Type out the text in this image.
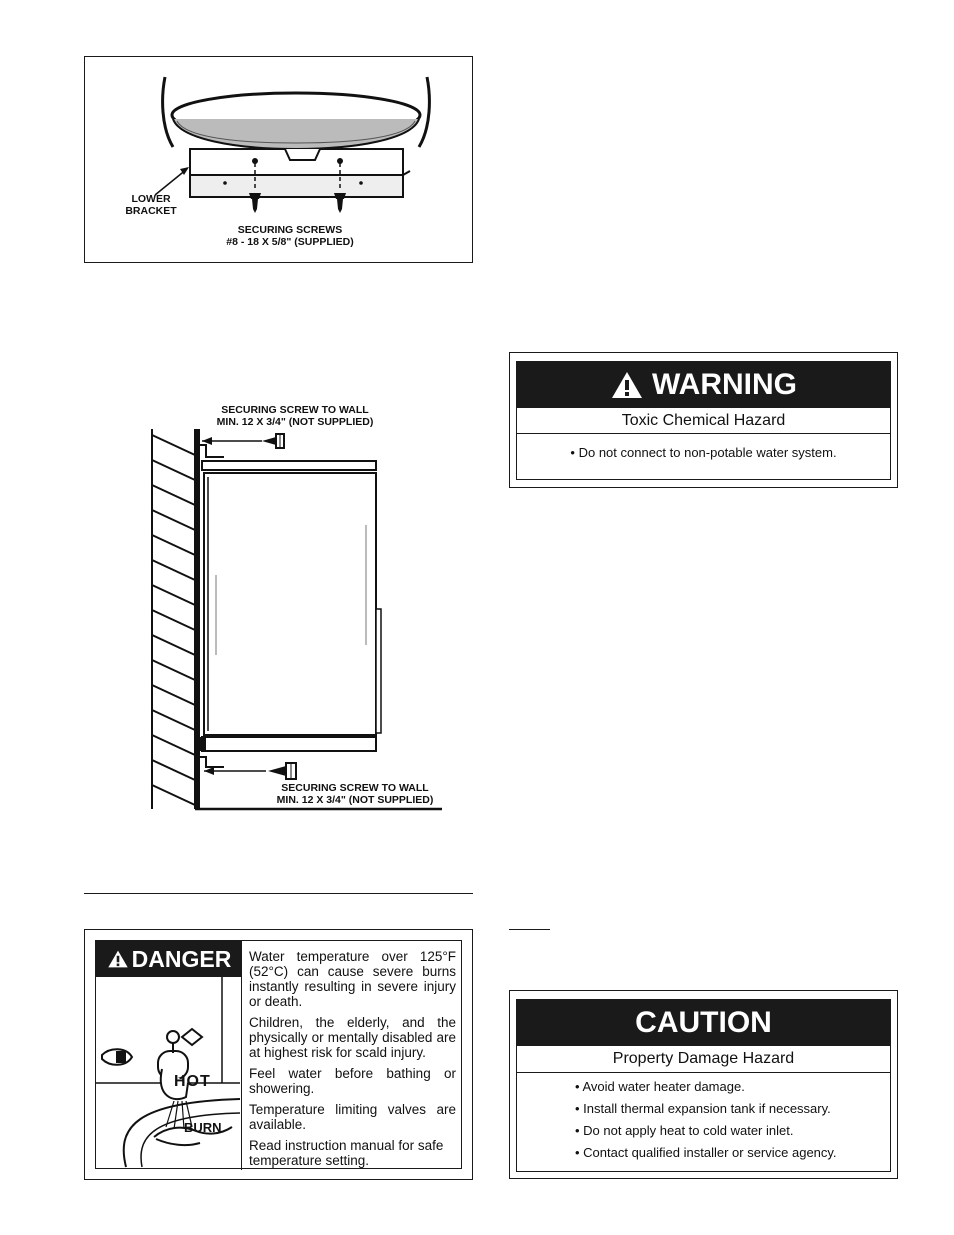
LOWER
BRACKET
SECURING SCREWS
#8 - 18 X 5/8" (SUPPLIED)
SECURING SCREW TO WALL
MIN. 12 X 3/4" (NOT SUPPLIED)
SECURING SCREW TO WALL
MIN. 12 X 3/4" (NOT SUPPLIED)
WARNING
Toxic Chemical Hazard
• Do not connect to non-potable water system.
DANGER
HOT
BURN

Water temperature over 125°F (52°C) can cause severe burns instantly resulting in severe injury or death.

Children, the elderly, and the physically or mentally disabled are at highest risk for scald injury.

Feel water before bathing or showering.

Temperature limiting valves are available.

Read instruction manual for safe temperature setting.

CAUTION
Property Damage Hazard
• Avoid water heater damage.
• Install thermal expansion tank if necessary.
• Do not apply heat to cold water inlet.
• Contact qualified installer or service agency.
